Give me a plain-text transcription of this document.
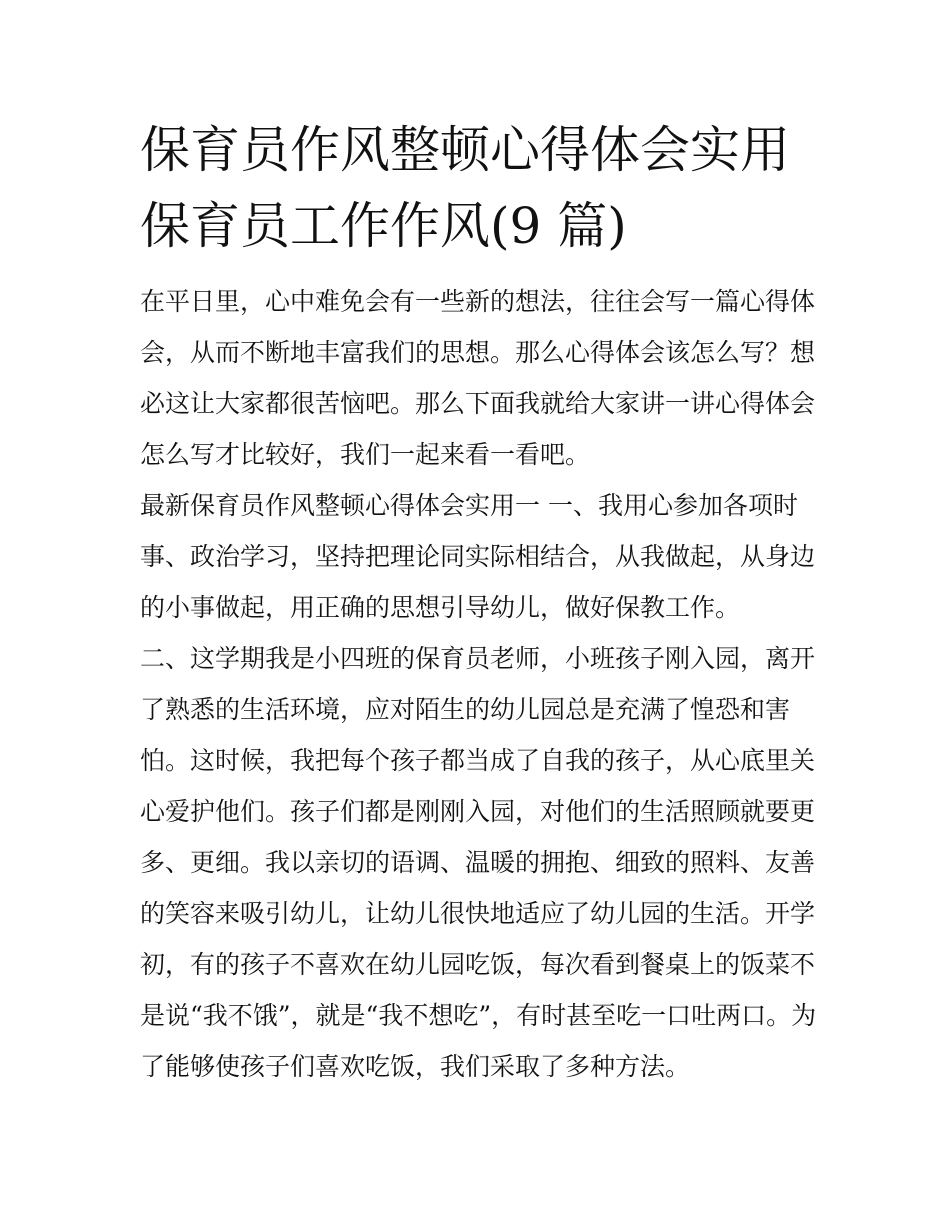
保育员作风整顿心得体会实用
保育员工作作风(9 篇)
在平日里，心中难免会有一些新的想法，往往会写一篇心得体
会，从而不断地丰富我们的思想。那么心得体会该怎么写？想
必这让大家都很苦恼吧。那么下面我就给大家讲一讲心得体会
怎么写才比较好，我们一起来看一看吧。
最新保育员作风整顿心得体会实用一 一、我用心参加各项时
事、政治学习，坚持把理论同实际相结合，从我做起，从身边
的小事做起，用正确的思想引导幼儿，做好保教工作。
二、这学期我是小四班的保育员老师，小班孩子刚入园，离开
了熟悉的生活环境，应对陌生的幼儿园总是充满了惶恐和害
怕。这时候，我把每个孩子都当成了自我的孩子，从心底里关
心爱护他们。孩子们都是刚刚入园，对他们的生活照顾就要更
多、更细。我以亲切的语调、温暖的拥抱、细致的照料、友善
的笑容来吸引幼儿，让幼儿很快地适应了幼儿园的生活。开学
初，有的孩子不喜欢在幼儿园吃饭，每次看到餐桌上的饭菜不
是说“我不饿”，就是“我不想吃”，有时甚至吃一口吐两口。为
了能够使孩子们喜欢吃饭，我们采取了多种方法。
